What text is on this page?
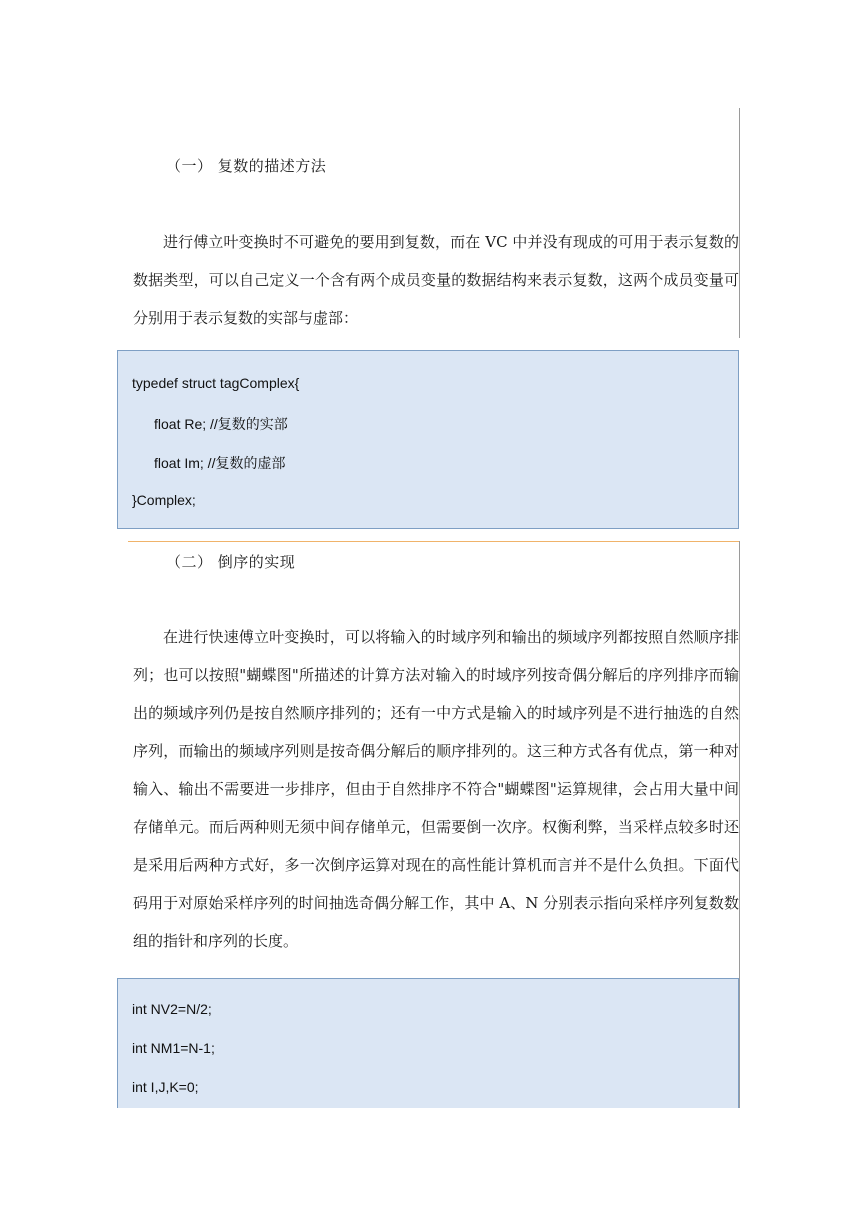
（一） 复数的描述方法
进行傅立叶变换时不可避免的要用到复数，而在 VC 中并没有现成的可用于表示复数的
数据类型，可以自己定义一个含有两个成员变量的数据结构来表示复数，这两个成员变量可
分别用于表示复数的实部与虚部：
typedef struct tagComplex{
float Re; //复数的实部
float Im; //复数的虚部
}Complex;
（二） 倒序的实现
在进行快速傅立叶变换时，可以将输入的时域序列和输出的频域序列都按照自然顺序排
列；也可以按照"蝴蝶图"所描述的计算方法对输入的时域序列按奇偶分解后的序列排序而输
出的频域序列仍是按自然顺序排列的；还有一中方式是输入的时域序列是不进行抽选的自然
序列，而输出的频域序列则是按奇偶分解后的顺序排列的。这三种方式各有优点，第一种对
输入、输出不需要进一步排序，但由于自然排序不符合"蝴蝶图"运算规律，会占用大量中间
存储单元。而后两种则无须中间存储单元，但需要倒一次序。权衡利弊，当采样点较多时还
是采用后两种方式好，多一次倒序运算对现在的高性能计算机而言并不是什么负担。下面代
码用于对原始采样序列的时间抽选奇偶分解工作，其中 A、N 分别表示指向采样序列复数数
组的指针和序列的长度。
int NV2=N/2;
int NM1=N-1;
int I,J,K=0;
